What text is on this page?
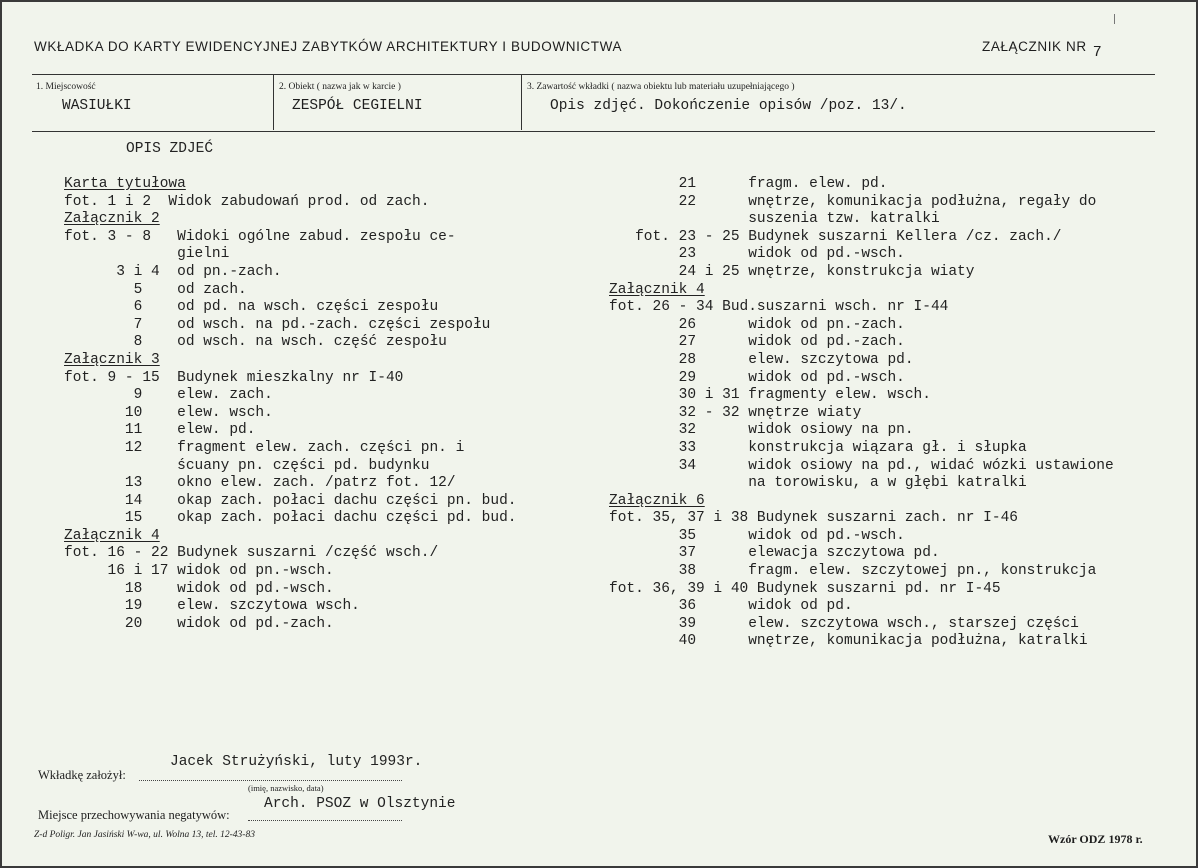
WKŁADKA DO KARTY EWIDENCYJNEJ ZABYTKÓW ARCHITEKTURY I BUDOWNICTWA	ZAŁĄCZNIK NR 7
1. Miejscowość
WASIUŁKI
2. Obiekt ( nazwa jak w karcie )
ZESPÓŁ CEGIELNI
3. Zawartość wkładki ( nazwa obiektu lub materiału uzupełniającego )
Opis zdjęć. Dokończenie opisów /poz. 13/.
OPIS ZDJEĆ
Karta tytułowa
fot. 1 i 2  Widok zabudowań prod. od zach.
Załącznik 2
fot. 3 - 8   Widoki ogólne zabud. zespołu ce-
gielni
3 i 4  od pn.-zach.
5    od zach.
6    od pd. na wsch. części zespołu
7    od wsch. na pd.-zach. części zespołu
8    od wsch. na wsch. część zespołu
Załącznik 3
fot. 9 - 15  Budynek mieszkalny nr I-40
9    elew. zach.
10    elew. wsch.
11    elew. pd.
12    fragment elew. zach. części pn. i
ścuany pn. części pd. budynku
13    okno elew. zach. /patrz fot. 12/
14    okap zach. połaci dachu części pn. bud.
15    okap zach. połaci dachu części pd. bud.
Załącznik 4
fot. 16 - 22 Budynek suszarni /część wsch./
16 i 17 widok od pn.-wsch.
18    widok od pd.-wsch.
19    elew. szczytowa wsch.
20    widok od pd.-zach.
21      fragm. elew. pd.
22      wnętrze, komunikacja podłużna, regały do
suszenia tzw. katralki
fot. 23 - 25 Budynek suszarni Kellera /cz. zach./
23      widok od pd.-wsch.
24 i 25 wnętrze, konstrukcja wiaty
Załącznik 4
fot. 26 - 34 Bud.suszarni wsch. nr I-44
26      widok od pn.-zach.
27      widok od pd.-zach.
28      elew. szczytowa pd.
29      widok od pd.-wsch.
30 i 31 fragmenty elew. wsch.
32 - 32 wnętrze wiaty
32      widok osiowy na pn.
33      konstrukcja wiązara gł. i słupka
34      widok osiowy na pd., widać wózki ustawione
na torowisku, a w głębi katralki
Załącznik 6
fot. 35, 37 i 38 Budynek suszarni zach. nr I-46
35      widok od pd.-wsch.
37      elewacja szczytowa pd.
38      fragm. elew. szczytowej pn., konstrukcja
fot. 36, 39 i 40 Budynek suszarni pd. nr I-45
36      widok od pd.
39      elew. szczytowa wsch., starszej części
40      wnętrze, komunikacja podłużna, katralki
Wkładkę założył:
Jacek Strużyński, luty 1993r.
(imię, nazwisko, data)
Miejsce przechowywania negatywów:
Arch. PSOZ w Olsztynie
Z-d Poligr. Jan Jasiński W-wa, ul. Wolna 13, tel. 12-43-83	Wzór ODZ 1978 r.
